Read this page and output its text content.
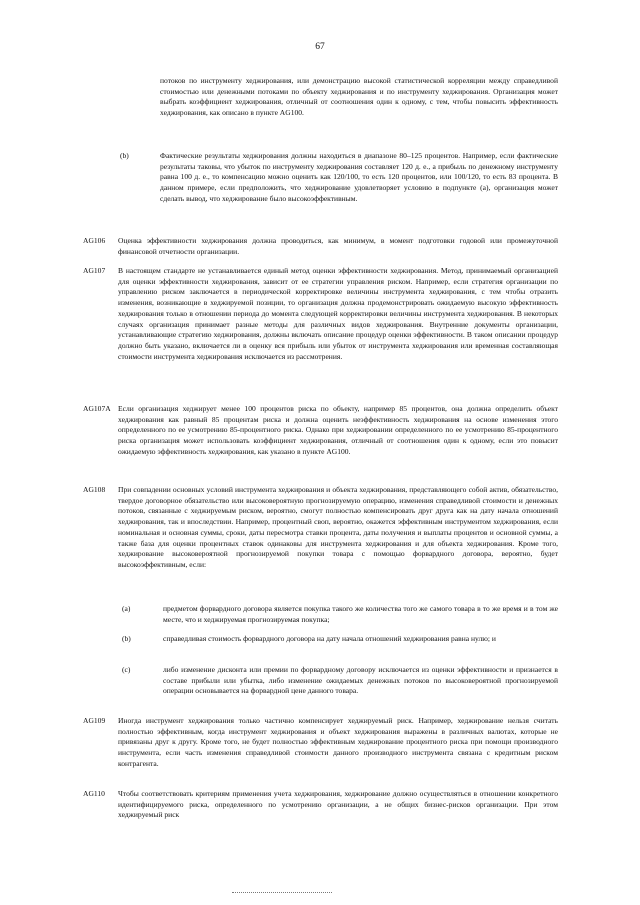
67

потоков по инструменту хеджирования, или демонстрацию высокой статистической корреляции между справедливой стоимостью или денежными потоками по объекту хеджирования и по инструменту хеджирования. Организация может выбрать коэффициент хеджирования, отличный от соотношения один к одному, с тем, чтобы повысить эффективность хеджирования, как описано в пункте AG100.

(b)	Фактические результаты хеджирования должны находиться в диапазоне 80–125 процентов. Например, если фактические результаты таковы, что убыток по инструменту хеджирования составляет 120 д. е., а прибыль по денежному инструменту равна 100 д. е., то компенсацию можно оценить как 120/100, то есть 120 процентов, или 100/120, то есть 83 процента. В данном примере, если предположить, что хеджирование удовлетворяет условию в подпункте (а), организация может сделать вывод, что хеджирование было высокоэффективным.

AG106 Оценка эффективности хеджирования должна проводиться, как минимум, в момент подготовки годовой или промежуточной финансовой отчетности организации.

AG107 В настоящем стандарте не устанавливается единый метод оценки эффективности хеджирования. Метод, принимаемый организацией для оценки эффективности хеджирования, зависит от ее стратегии управления риском. Например, если стратегия организации по управлению риском заключается в периодической корректировке величины инструмента хеджирования, с тем чтобы отразить изменения, возникающие в хеджируемой позиции, то организация должна продемонстрировать ожидаемую высокую эффективность хеджирования только в отношении периода до момента следующей корректировки величины инструмента хеджирования. В некоторых случаях организация принимает разные методы для различных видов хеджирования. Внутренние документы организации, устанавливающие стратегию хеджирования, должны включать описание процедур оценки эффективности. В таком описании процедур должно быть указано, включается ли в оценку вся прибыль или убыток от инструмента хеджирования или временная составляющая стоимости инструмента хеджирования исключается из рассмотрения.

AG107A Если организация хеджирует менее 100 процентов риска по объекту, например 85 процентов, она должна определить объект хеджирования как равный 85 процентам риска и должна оценить неэффективность хеджирования на основе изменения этого определенного по ее усмотрению 85-процентного риска. Однако при хеджировании определенного по ее усмотрению 85-процентного риска организация может использовать коэффициент хеджирования, отличный от соотношения один к одному, если это повысит ожидаемую эффективность хеджирования, как указано в пункте AG100.

AG108 При совпадении основных условий инструмента хеджирования и объекта хеджирования, представляющего собой актив, обязательство, твердое договорное обязательство или высоковероятную прогнозируемую операцию, изменения справедливой стоимости и денежных потоков, связанные с хеджируемым риском, вероятно, смогут полностью компенсировать друг друга как на дату начала отношений хеджирования, так и впоследствии. Например, процентный своп, вероятно, окажется эффективным инструментом хеджирования, если номинальная и основная суммы, сроки, даты пересмотра ставки процента, даты получения и выплаты процентов и основной суммы, а также база для оценки процентных ставок одинаковы для инструмента хеджирования и для объекта хеджирования. Кроме того, хеджирование высоковероятной прогнозируемой покупки товара с помощью форвардного договора, вероятно, будет высокоэффективным, если:

(a)	предметом форвардного договора является покупка такого же количества того же самого товара в то же время и в том же месте, что и хеджируемая прогнозируемая покупка;

(b)	справедливая стоимость форвардного договора на дату начала отношений хеджирования равна нулю; и

(c)	либо изменение дисконта или премии по форвардному договору исключается из оценки эффективности и признается в составе прибыли или убытка, либо изменение ожидаемых денежных потоков по высоковероятной прогнозируемой операции основывается на форвардной цене данного товара.

AG109 Иногда инструмент хеджирования только частично компенсирует хеджируемый риск. Например, хеджирование нельзя считать полностью эффективным, когда инструмент хеджирования и объект хеджирования выражены в различных валютах, которые не привязаны друг к другу. Кроме того, не будет полностью эффективным хеджирование процентного риска при помощи производного инструмента, если часть изменения справедливой стоимости данного производного инструмента связана с кредитным риском контрагента.

AG110 Чтобы соответствовать критериям применения учета хеджирования, хеджирование должно осуществляться в отношении конкретного идентифицируемого риска, определенного по усмотрению организации, а не общих бизнес-рисков организации. При этом хеджируемый риск
